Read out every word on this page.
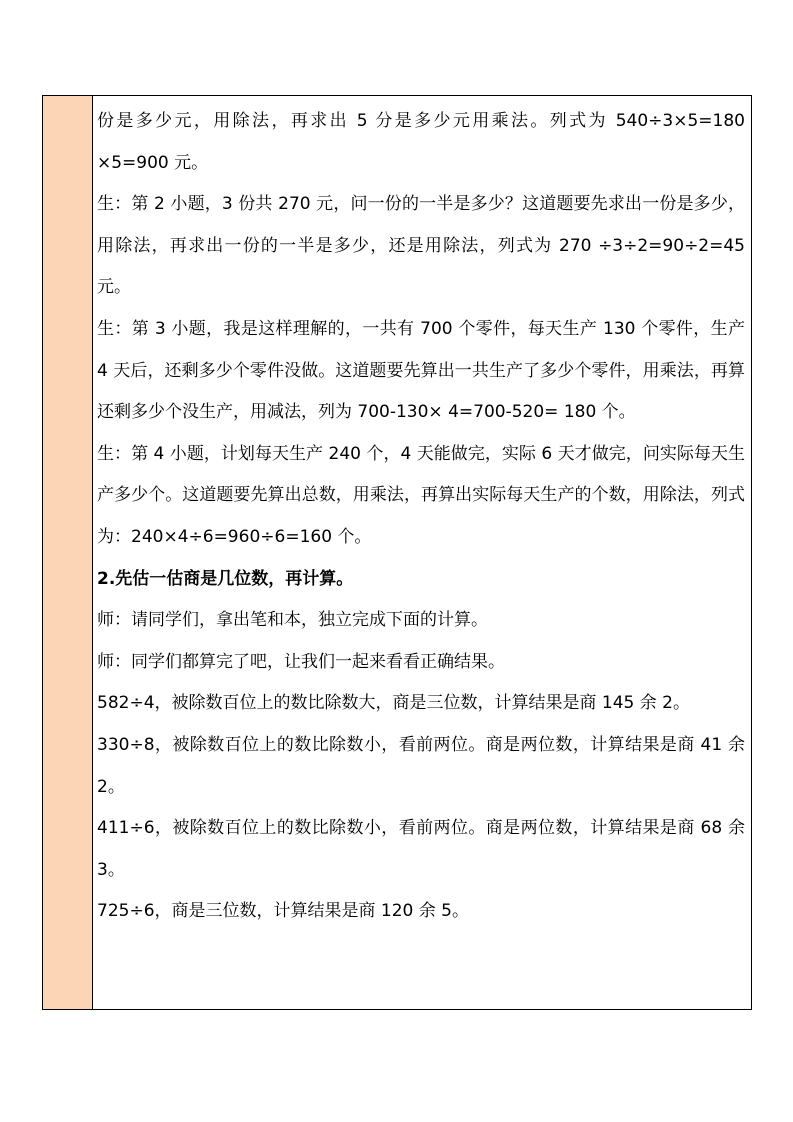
份是多少元，用除法，再求出 5 分是多少元用乘法。列式为 540÷3×5=180 ×5=900 元。

生：第 2 小题，3 份共 270 元，问一份的一半是多少？这道题要先求出一份是多少，用除法，再求出一份的一半是多少，还是用除法，列式为 270 ÷3÷2=90÷2=45 元。

生：第 3 小题，我是这样理解的，一共有 700 个零件，每天生产 130 个零件，生产 4 天后，还剩多少个零件没做。这道题要先算出一共生产了多少个零件，用乘法，再算还剩多少个没生产，用减法，列为 700-130× 4=700-520= 180 个。

生：第 4 小题，计划每天生产 240 个，4 天能做完，实际 6 天才做完，问实际每天生产多少个。这道题要先算出总数，用乘法，再算出实际每天生产的个数，用除法，列式为：240×4÷6=960÷6=160 个。

2.先估一估商是几位数，再计算。

师：请同学们，拿出笔和本，独立完成下面的计算。

师：同学们都算完了吧，让我们一起来看看正确结果。

582÷4，被除数百位上的数比除数大，商是三位数，计算结果是商 145 余 2。

330÷8，被除数百位上的数比除数小，看前两位。商是两位数，计算结果是商 41 余 2。

411÷6，被除数百位上的数比除数小，看前两位。商是两位数，计算结果是商 68 余 3。

725÷6，商是三位数，计算结果是商 120 余 5。
